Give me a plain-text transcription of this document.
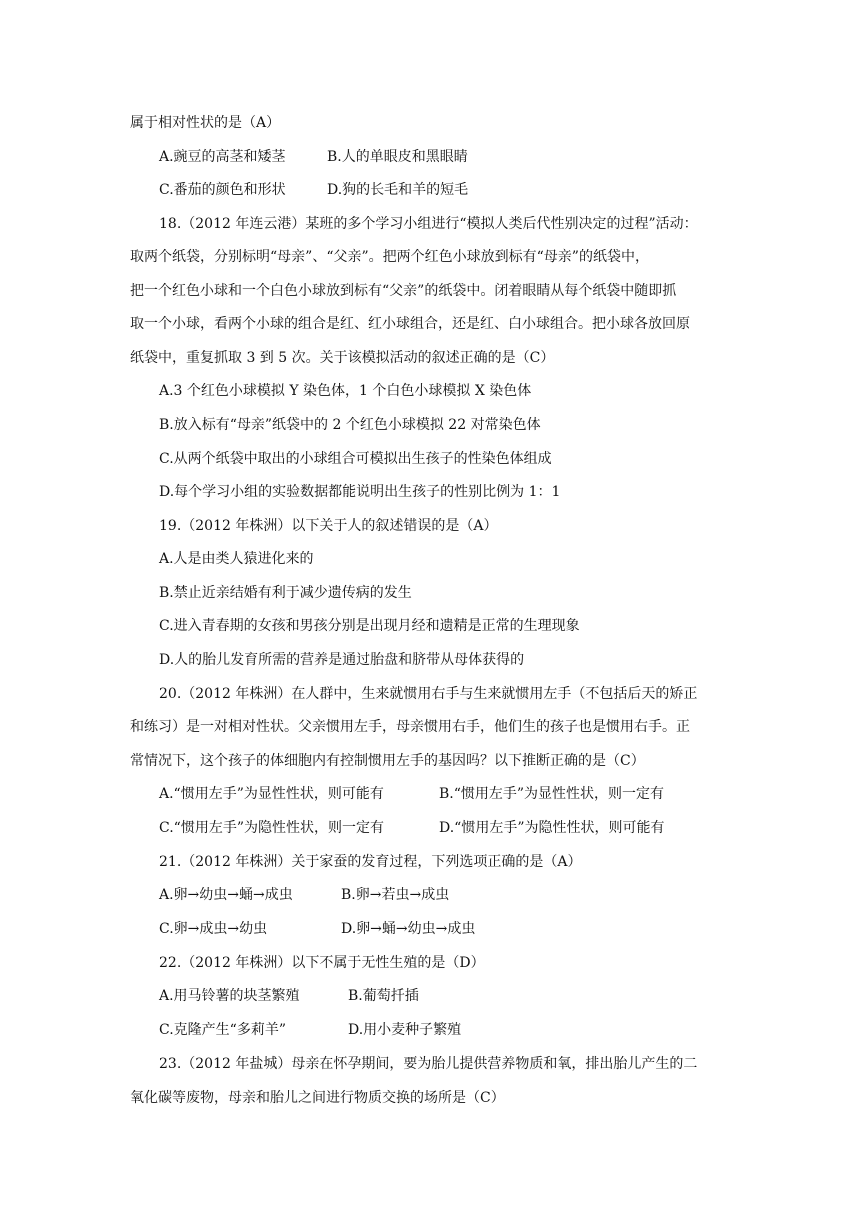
属于相对性状的是（A）
A.豌豆的高茎和矮茎	B.人的单眼皮和黑眼睛
C.番茄的颜色和形状	D.狗的长毛和羊的短毛
18.（2012 年连云港）某班的多个学习小组进行“模拟人类后代性别决定的过程”活动：
取两个纸袋，分别标明“母亲”、“父亲”。把两个红色小球放到标有“母亲”的纸袋中，
把一个红色小球和一个白色小球放到标有“父亲”的纸袋中。闭着眼睛从每个纸袋中随即抓
取一个小球，看两个小球的组合是红、红小球组合，还是红、白小球组合。把小球各放回原
纸袋中，重复抓取 3 到 5 次。关于该模拟活动的叙述正确的是（C）
A.3 个红色小球模拟 Y 染色体，1 个白色小球模拟 X 染色体
B.放入标有“母亲”纸袋中的 2 个红色小球模拟 22 对常染色体
C.从两个纸袋中取出的小球组合可模拟出生孩子的性染色体组成
D.每个学习小组的实验数据都能说明出生孩子的性别比例为 1：1
19.（2012 年株洲）以下关于人的叙述错误的是（A）
A.人是由类人猿进化来的
B.禁止近亲结婚有利于减少遗传病的发生
C.进入青春期的女孩和男孩分别是出现月经和遗精是正常的生理现象
D.人的胎儿发育所需的营养是通过胎盘和脐带从母体获得的
20.（2012 年株洲）在人群中，生来就惯用右手与生来就惯用左手（不包括后天的矫正
和练习）是一对相对性状。父亲惯用左手，母亲惯用右手，他们生的孩子也是惯用右手。正
常情况下，这个孩子的体细胞内有控制惯用左手的基因吗？以下推断正确的是（C）
A.“惯用左手”为显性性状，则可能有	B.“惯用左手”为显性性状，则一定有
C.“惯用左手”为隐性性状，则一定有	D.“惯用左手”为隐性性状，则可能有
21.（2012 年株洲）关于家蚕的发育过程，下列选项正确的是（A）
A.卵→幼虫→蛹→成虫	B.卵→若虫→成虫
C.卵→成虫→幼虫	D.卵→蛹→幼虫→成虫
22.（2012 年株洲）以下不属于无性生殖的是（D）
A.用马铃薯的块茎繁殖	B.葡萄扦插
C.克隆产生“多莉羊”	D.用小麦种子繁殖
23.（2012 年盐城）母亲在怀孕期间，要为胎儿提供营养物质和氧，排出胎儿产生的二
氧化碳等废物，母亲和胎儿之间进行物质交换的场所是（C）
